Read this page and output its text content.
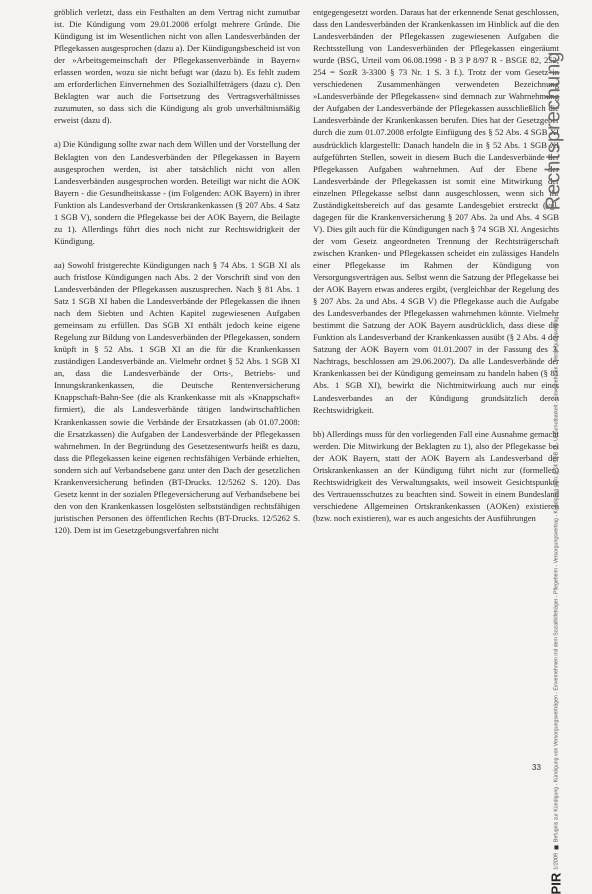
gröblich verletzt, dass ein Festhalten an dem Vertrag nicht zumutbar ist. Die Kündigung vom 29.01.2008 erfolgt mehrere Gründe. Die Kündigung ist im Wesentlichen nicht von allen Landesverbänden der Pflegekassen ausgesprochen (dazu a). Der Kündigungsbescheid ist von der »Arbeitsgemeinschaft der Pflegekassenverbände in Bayern« erlassen worden, wozu sie nicht befugt war (dazu b). Es fehlt zudem am erforderlichen Einvernehmen des Sozialhilfeträgers (dazu c). Den Beklagten war auch die Fortsetzung des Vertragsverhältnisses zuzumuten, so dass sich die Kündigung als grob unverhältnismäßig erweist (dazu d).

a) Die Kündigung sollte zwar nach dem Willen und der Vorstellung der Beklagten von den Landesverbänden der Pflegekassen in Bayern ausgesprochen werden, ist aber tatsächlich nicht von allen Landesverbänden ausgesprochen worden. Beteiligt war nicht die AOK Bayern - die Gesundheitskasse - (im Folgenden: AOK Bayern) in ihrer Funktion als Landesverband der Ortskrankenkassen (§ 207 Abs. 4 Satz 1 SGB V), sondern die Pflegekasse bei der AOK Bayern, die Beilagte zu 1). Allerdings führt dies noch nicht zur Rechtswidrigkeit der Kündigung.

aa) Sowohl fristgerechte Kündigungen nach § 74 Abs. 1 SGB XI als auch fristlose Kündigungen nach Abs. 2 der Vorschrift sind von den Landesverbänden der Pflegekassen auszusprechen. Nach § 81 Abs. 1 Satz 1 SGB XI haben die Landesverbände der Pflegekassen die ihnen nach dem Siebten und Achten Kapitel zugewiesenen Aufgaben gemeinsam zu erfüllen. Das SGB XI enthält jedoch keine eigene Regelung zur Bildung von Landesverbänden der Pflegekassen, sondern knüpft in § 52 Abs. 1 SGB XI an die für die Krankenkassen zuständigen Landesverbände an. Vielmehr ordnet § 52 Abs. 1 SGB XI an, dass die Landesverbände der Orts-, Betriebs- und Innungskrankenkassen, die Deutsche Rentenversicherung Knappschaft-Bahn-See (die als Krankenkasse mit als »Knappschaft« firmiert), die als Landesverbände tätigen landwirtschaftlichen Krankenkassen sowie die Verbände der Ersatzkassen (ab 01.07.2008: die Ersatzkassen) die Aufgaben der Landesverbände der Pflegekassen wahrnehmen. In der Begründung des Gesetzesentwurfs heißt es dazu, dass die Pflegekassen keine eigenen rechtsfähigen Verbände erhielten, sondern sich auf Verbandsebene ganz unter den Dach der gesetzlichen Krankenversicherung befinden (BT-Drucks. 12/5262 S. 120). Das Gesetz kennt in der sozialen Pflegeversicherung auf Verbandsebene bei den von den Krankenkassen losgelösten selbstständigen rechtsfähigen juristischen Personen des öffentlichen Rechts (BT-Drucks. 12/5262 S. 120). Dem ist im Gesetzgebungsverfahren nicht

entgegengesetzt worden. Daraus hat der erkennende Senat geschlossen, dass den Landesverbänden der Krankenkassen im Hinblick auf die den Landesverbänden der Pflegekassen zugewiesenen Aufgaben die Rechtsstellung von Landesverbänden der Pflegekassen eingeräumt wurde (BSG, Urteil vom 06.08.1998 - B 3 P 8/97 R - BSGE 82, 252, 254 = SozR 3-3300 § 73 Nr. 1 S. 3 f.). Trotz der vom Gesetz in verschiedenen Zusammenhängen verwendeten Bezeichnung »Landesverbände der Pflegekassen« sind demnach zur Wahrnehmung der Aufgaben der Landesverbände der Pflegekassen ausschließlich die Landesverbände der Krankenkassen berufen. Dies hat der Gesetzgeber durch die zum 01.07.2008 erfolgte Einfügung des § 52 Abs. 4 SGB XI ausdrücklich klargestellt: Danach handeln die in § 52 Abs. 1 SGB XI aufgeführten Stellen, soweit in diesem Buch die Landesverbände der Pflegekassen Aufgaben wahrnehmen. Auf der Ebene der Landesverbände der Pflegekassen ist somit eine Mitwirkung der einzelnen Pflegekasse selbst dann ausgeschlossen, wenn sich ihr Zuständigkeitsbereich auf das gesamte Landesgebiet erstreckt (vgl. dagegen für die Krankenversicherung § 207 Abs. 2a und Abs. 4 SGB V). Dies gilt auch für die Kündigungen nach § 74 SGB XI. Angesichts der vom Gesetz angeordneten Trennung der Rechtsträgerschaft zwischen Kranken- und Pflegekassen scheidet ein zulässiges Handeln einer Pflegekasse im Rahmen der Kündigung von Versorgungsverträgen aus. Selbst wenn die Satzung der Pflegekasse bei der AOK Bayern etwas anderes ergibt, (vergleichbar der Regelung des § 207 Abs. 2a und Abs. 4 SGB V) die Pflegekasse auch die Aufgabe des Landesverbandes der Pflegekassen wahrnehmen könnte. Vielmehr bestimmt die Satzung der AOK Bayern ausdrücklich, dass diese die Funktion als Landesverband der Krankenkassen ausübt (§ 2 Abs. 4 der Satzung der AOK Bayern vom 01.01.2007 in der Fassung des 3. Nachtrags, beschlossen am 29.06.2007). Da alle Landesverbände der Krankenkassen bei der Kündigung gemeinsam zu handeln haben (§ 81 Abs. 1 SGB XI), bewirkt die Nichtmitwirkung auch nur eines Landesverbandes an der Kündigung grundsätzlich deren Rechtswidrigkeit.

bb) Allerdings muss für den vorliegenden Fall eine Ausnahme gemacht werden. Die Mitwirkung der Beklagten zu 1), also der Pflegekasse bei der AOK Bayern, statt der AOK Bayern als Landesverband der Ortskrankenkassen an der Kündigung führt nicht zur (formellen) Rechtswidrigkeit des Verwaltungsakts, weil insoweit Gesichtspunkte des Vertrauensschutzes zu beachten sind. Soweit in einem Bundesland verschiedene Allgemeinen Ortskrankenkassen (AOKen) existieren (bzw. noch existieren), war es auch angesichts der Ausführungen

Rechtsprechung
PIR
1/2009
Befugnis zur Kündigung - Kündigung von Versorgungsverträgen - Einvernehmen mit dem Sozialhilfeträger - Pflegeheim - Versorgungsvertrag - Kündigung gem. § 74 SGB XI - Unzumutbarkeit - Einvernehmen - Versorgungsvertrag
33
